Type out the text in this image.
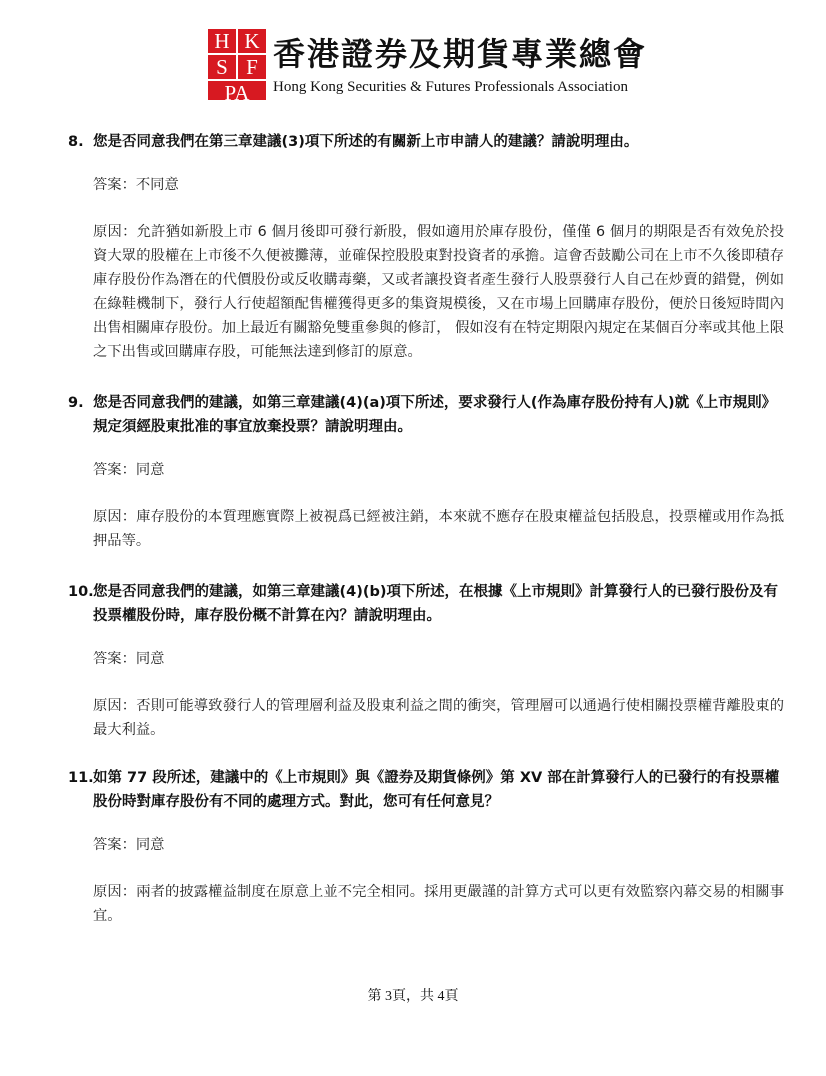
H K
S F
PA
香港證券及期貨專業總會
Hong Kong Securities & Futures Professionals Association
8. 您是否同意我們在第三章建議(3)項下所述的有關新上市申請人的建議？請說明理由。
答案：不同意
原因：允許猶如新股上市 6 個月後即可發行新股，假如適用於庫存股份，僅僅 6 個月的期限是否有效免於投資大眾的股權在上市後不久便被攤薄，並確保控股股東對投資者的承擔。這會否鼓勵公司在上市不久後即積存庫存股份作為潛在的代價股份或反收購毒藥，又或者讓投資者產生發行人股票發行人自己在炒賣的錯覺，例如在綠鞋機制下，發行人行使超額配售權獲得更多的集資規模後，又在市場上回購庫存股份，便於日後短時間內出售相關庫存股份。加上最近有關豁免雙重參與的修訂， 假如沒有在特定期限內規定在某個百分率或其他上限之下出售或回購庫存股，可能無法達到修訂的原意。
9. 您是否同意我們的建議，如第三章建議(4)(a)項下所述，要求發行人(作為庫存股份持有人)就《上市規則》規定須經股東批准的事宜放棄投票？請說明理由。
答案：同意
原因：庫存股份的本質理應實際上被視爲已經被注銷，本來就不應存在股東權益包括股息，投票權或用作為抵押品等。
10. 您是否同意我們的建議，如第三章建議(4)(b)項下所述，在根據《上市規則》計算發行人的已發行股份及有投票權股份時，庫存股份概不計算在內？請說明理由。
答案：同意
原因：否則可能導致發行人的管理層利益及股東利益之間的衝突，管理層可以通過行使相關投票權背離股東的最大利益。
11. 如第 77 段所述，建議中的《上市規則》與《證券及期貨條例》第 XV 部在計算發行人的已發行的有投票權股份時對庫存股份有不同的處理方式。對此，您可有任何意見？
答案：同意
原因：兩者的披露權益制度在原意上並不完全相同。採用更嚴謹的計算方式可以更有效監察內幕交易的相關事宜。
第 3頁，共 4頁
